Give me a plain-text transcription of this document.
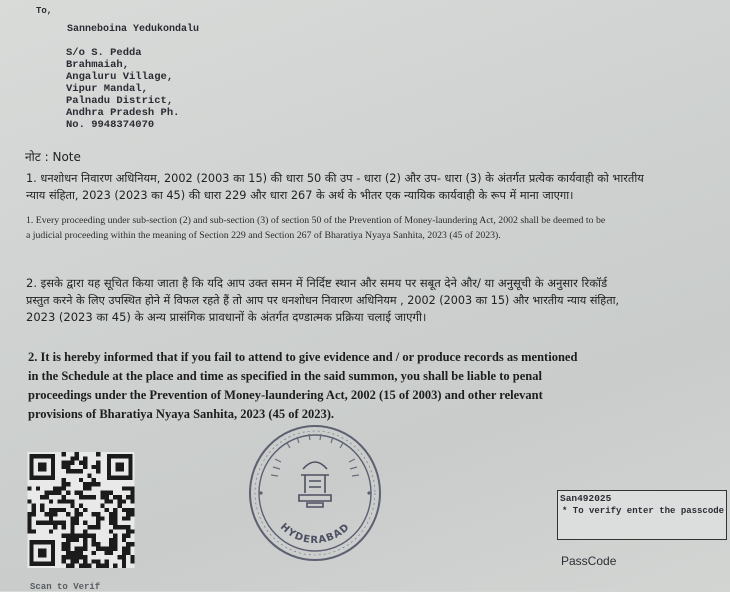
To,
Sanneboina Yedukondalu
S/o S. Pedda
Brahmaiah,
Angaluru Village,
Vipur Mandal,
Palnadu District,
Andhra Pradesh Ph.
No. 9948374070
नोट : Note
1. धनशोधन निवारण अधिनियम, 2002 (2003 का 15) की धारा 50 की उप - धारा (2) और उप- धारा (3) के अंतर्गत प्रत्येक कार्यवाही को भारतीय
न्याय संहिता, 2023 (2023 का 45) की धारा 229 और धारा 267 के अर्थ के भीतर एक न्यायिक कार्यवाही के रूप में माना जाएगा।
1. Every proceeding under sub-section (2) and sub-section (3) of section 50 of the Prevention of Money-laundering Act, 2002 shall be deemed to be
a judicial proceeding within the meaning of Section 229 and Section 267 of Bharatiya Nyaya Sanhita, 2023 (45 of 2023).
2. इसके द्वारा यह सूचित किया जाता है कि यदि आप उक्त समन में निर्दिष्ट स्थान और समय पर सबूत देने और/ या अनुसूची के अनुसार रिकॉर्ड
प्रस्तुत करने के लिए उपस्थित होने में विफल रहते हैं तो आप पर धनशोधन निवारण अधिनियम , 2002 (2003 का 15) और भारतीय न्याय संहिता,
2023 (2023 का 45) के अन्य प्रासंगिक प्रावधानों के अंतर्गत दण्डात्मक प्रक्रिया चलाई जाएगी।
2. It is hereby informed that if you fail to attend to give evidence and / or produce records as mentioned
in the Schedule at the place and time as specified in the said summon, you shall be liable to penal
proceedings under the Prevention of Money-laundering Act, 2002 (15 of 2003) and other relevant
provisions of Bharatiya Nyaya Sanhita, 2023 (45 of 2023).
HYDERABAD
San492025
* To verify enter the passcode
PassCode
Scan to Verif
